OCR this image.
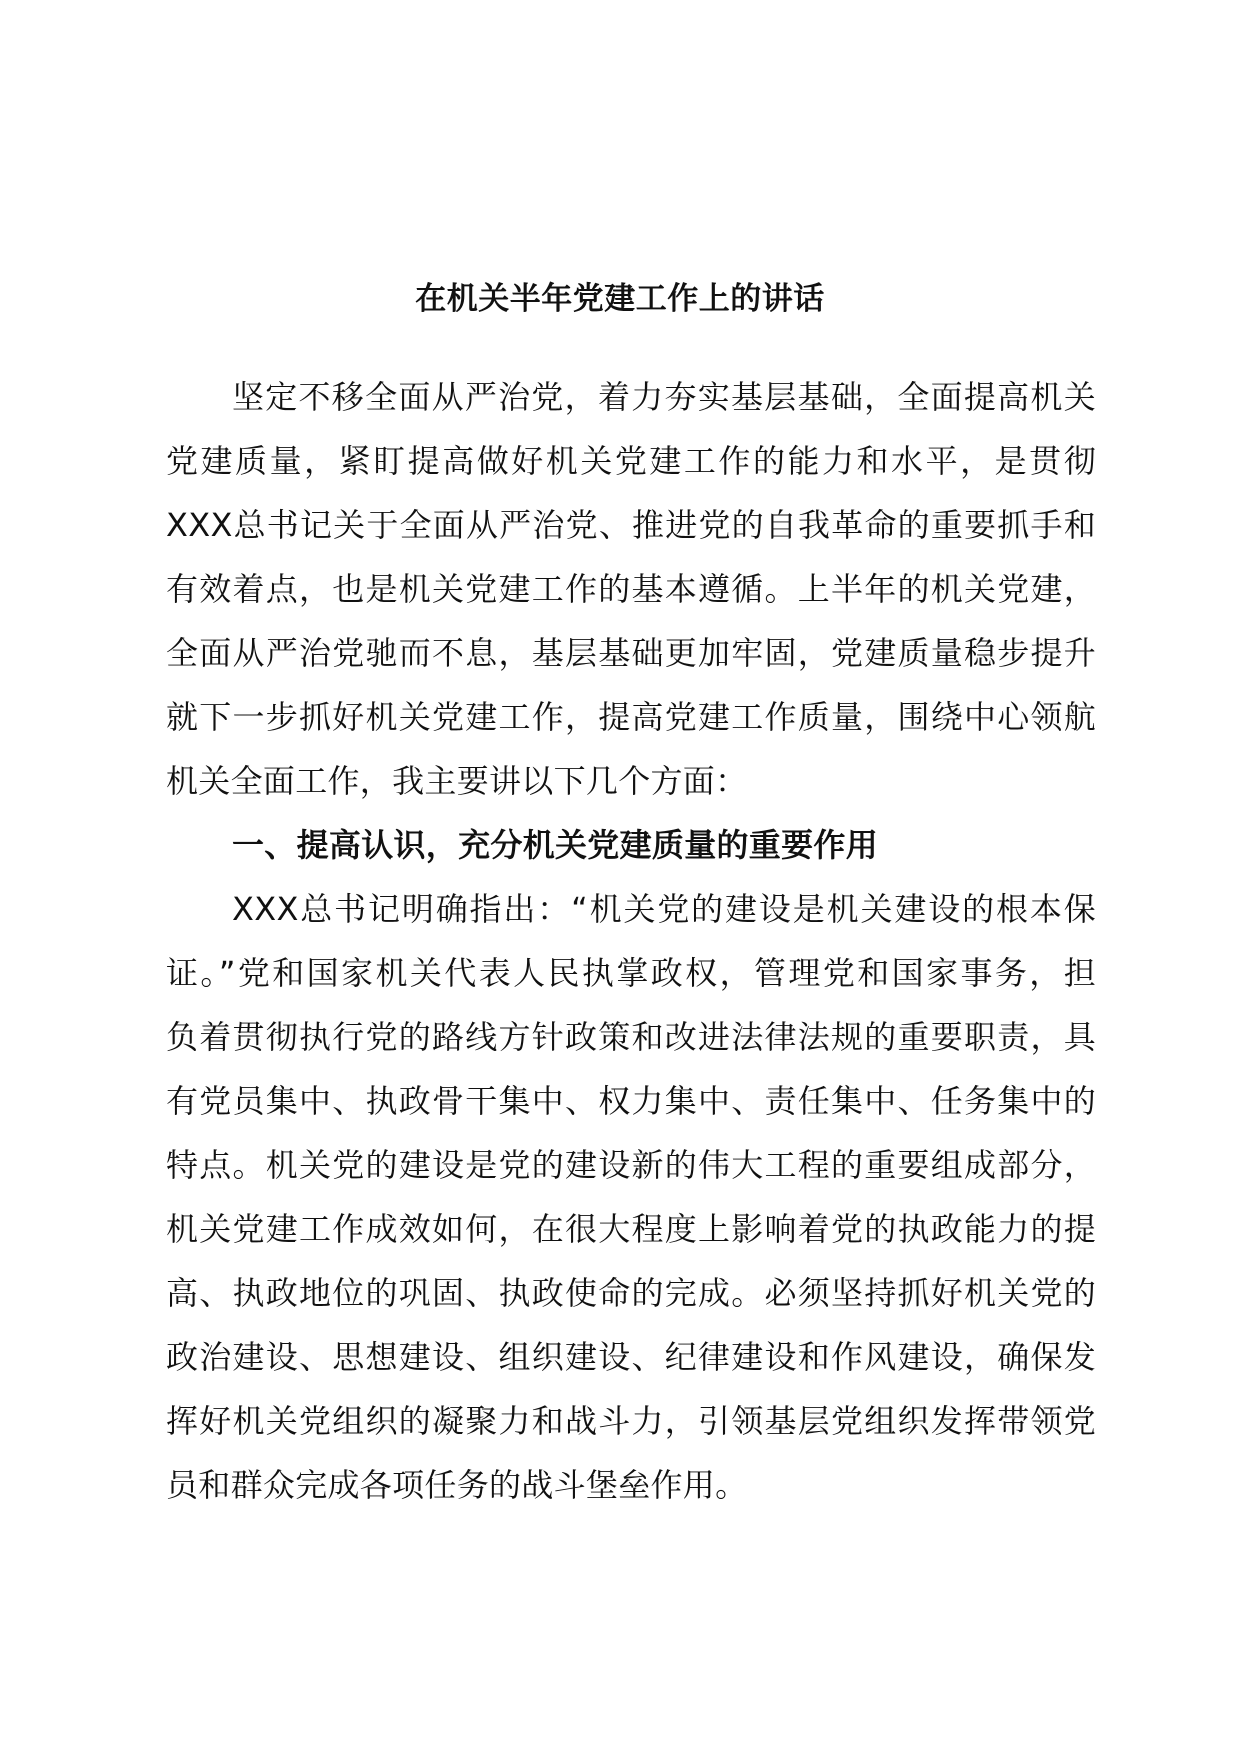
在机关半年党建工作上的讲话
坚定不移全面从严治党，着力夯实基层基础，全面提高机关
党建质量，紧盯提高做好机关党建工作的能力和水平，是贯彻
XXX总书记关于全面从严治党、推进党的自我革命的重要抓手和
有效着点，也是机关党建工作的基本遵循。上半年的机关党建，
全面从严治党驰而不息，基层基础更加牢固，党建质量稳步提升
就下一步抓好机关党建工作，提高党建工作质量，围绕中心领航
机关全面工作，我主要讲以下几个方面：
一、提高认识，充分机关党建质量的重要作用
XXX总书记明确指出：“机关党的建设是机关建设的根本保
证。”党和国家机关代表人民执掌政权，管理党和国家事务，担
负着贯彻执行党的路线方针政策和改进法律法规的重要职责，具
有党员集中、执政骨干集中、权力集中、责任集中、任务集中的
特点。机关党的建设是党的建设新的伟大工程的重要组成部分，
机关党建工作成效如何，在很大程度上影响着党的执政能力的提
高、执政地位的巩固、执政使命的完成。必须坚持抓好机关党的
政治建设、思想建设、组织建设、纪律建设和作风建设，确保发
挥好机关党组织的凝聚力和战斗力，引领基层党组织发挥带领党
员和群众完成各项任务的战斗堡垒作用。
